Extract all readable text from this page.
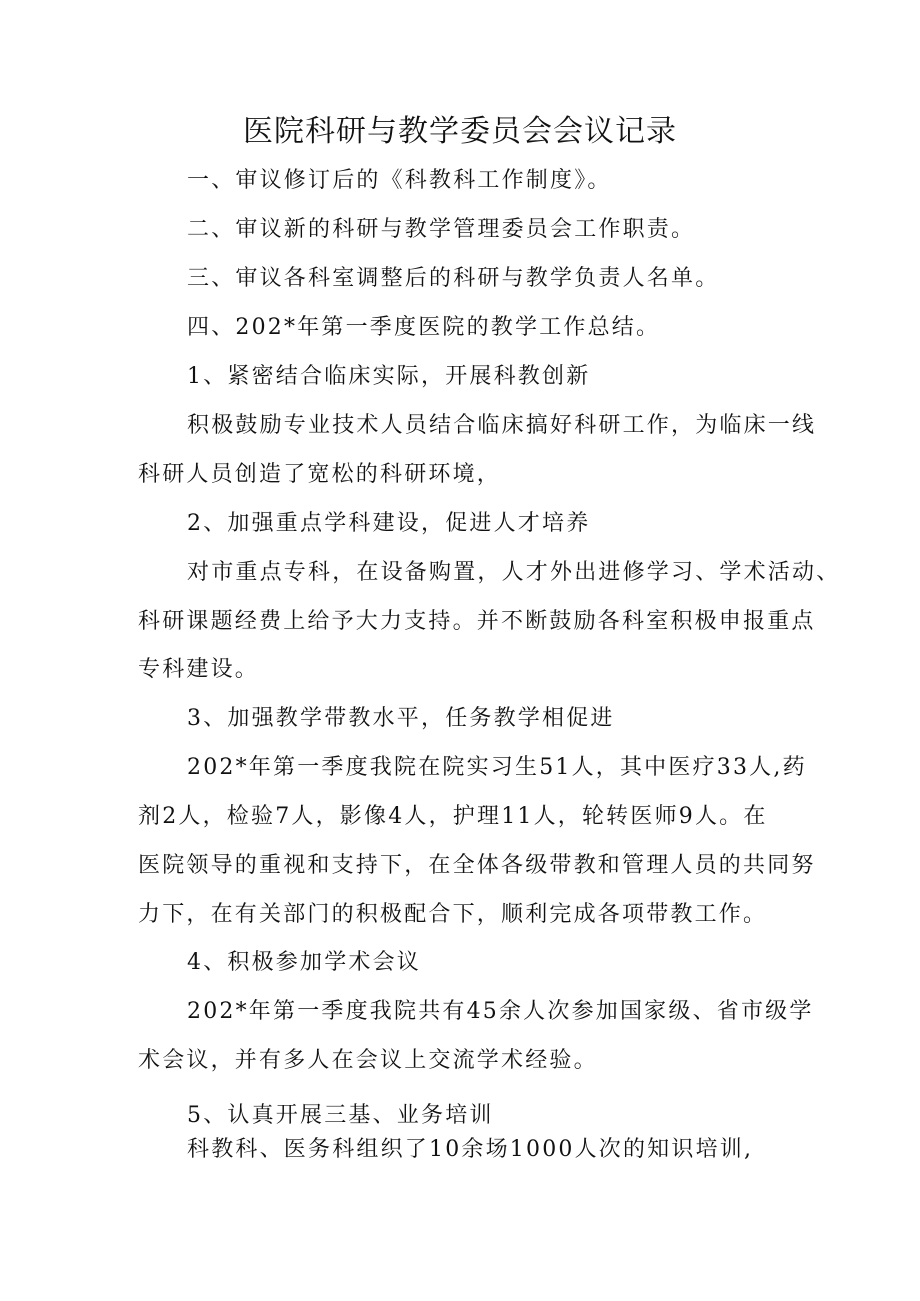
医院科研与教学委员会会议记录

一、审议修订后的《科教科工作制度》。

二、审议新的科研与教学管理委员会工作职责。

三、审议各科室调整后的科研与教学负责人名单。

四、202*年第一季度医院的教学工作总结。

1、紧密结合临床实际，开展科教创新

积极鼓励专业技术人员结合临床搞好科研工作，为临床一线

科研人员创造了宽松的科研环境，

2、加强重点学科建设，促进人才培养

对市重点专科，在设备购置，人才外出进修学习、学术活动、

科研课题经费上给予大力支持。并不断鼓励各科室积极申报重点

专科建设。

3、加强教学带教水平，任务教学相促进

202*年第一季度我院在院实习生51人，其中医疗33人,药

剂2人，检验7人，影像4人，护理11人，轮转医师9人。在

医院领导的重视和支持下，在全体各级带教和管理人员的共同努

力下，在有关部门的积极配合下，顺利完成各项带教工作。

4、积极参加学术会议

202*年第一季度我院共有45余人次参加国家级、省市级学

术会议，并有多人在会议上交流学术经验。

5、认真开展三基、业务培训

科教科、医务科组织了10余场1000人次的知识培训,
